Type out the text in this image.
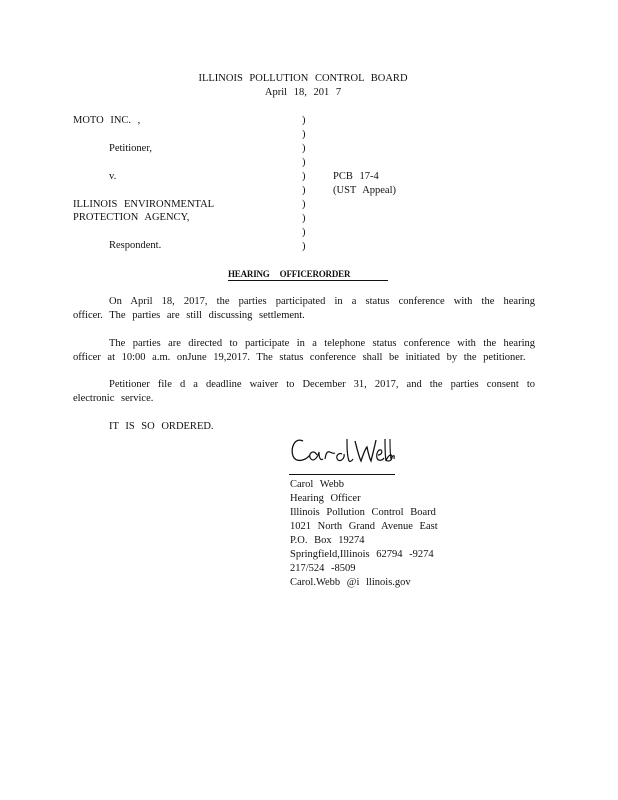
ILLINOIS POLLUTION CONTROL BOARD
April 18, 201 7
MOTO INC. ,
Petitioner,
v.
ILLINOIS ENVIRONMENTAL
PROTECTION AGENCY,
Respondent.
)
)
)
)
)
)
)
)
)
)
PCB 17-4
(UST Appeal)
HEARING OFFICERORDER
On April 18, 2017, the parties participated in a status conference with the hearing officer. The parties are still discussing settlement.
The parties are directed to participate in a telephone status conference with the hearing officer at 10:00 a.m. onJune 19,2017. The status conference shall be initiated by the petitioner.
Petitioner file d a deadline waiver to December 31, 2017, and the parties consent to electronic service.
IT IS SO ORDERED.
Carol Webb
Hearing Officer
Illinois Pollution Control Board
1021 North Grand Avenue East
P.O. Box 19274
Springfield,Illinois 62794 -9274
217/524 -8509
Carol.Webb @i llinois.gov
